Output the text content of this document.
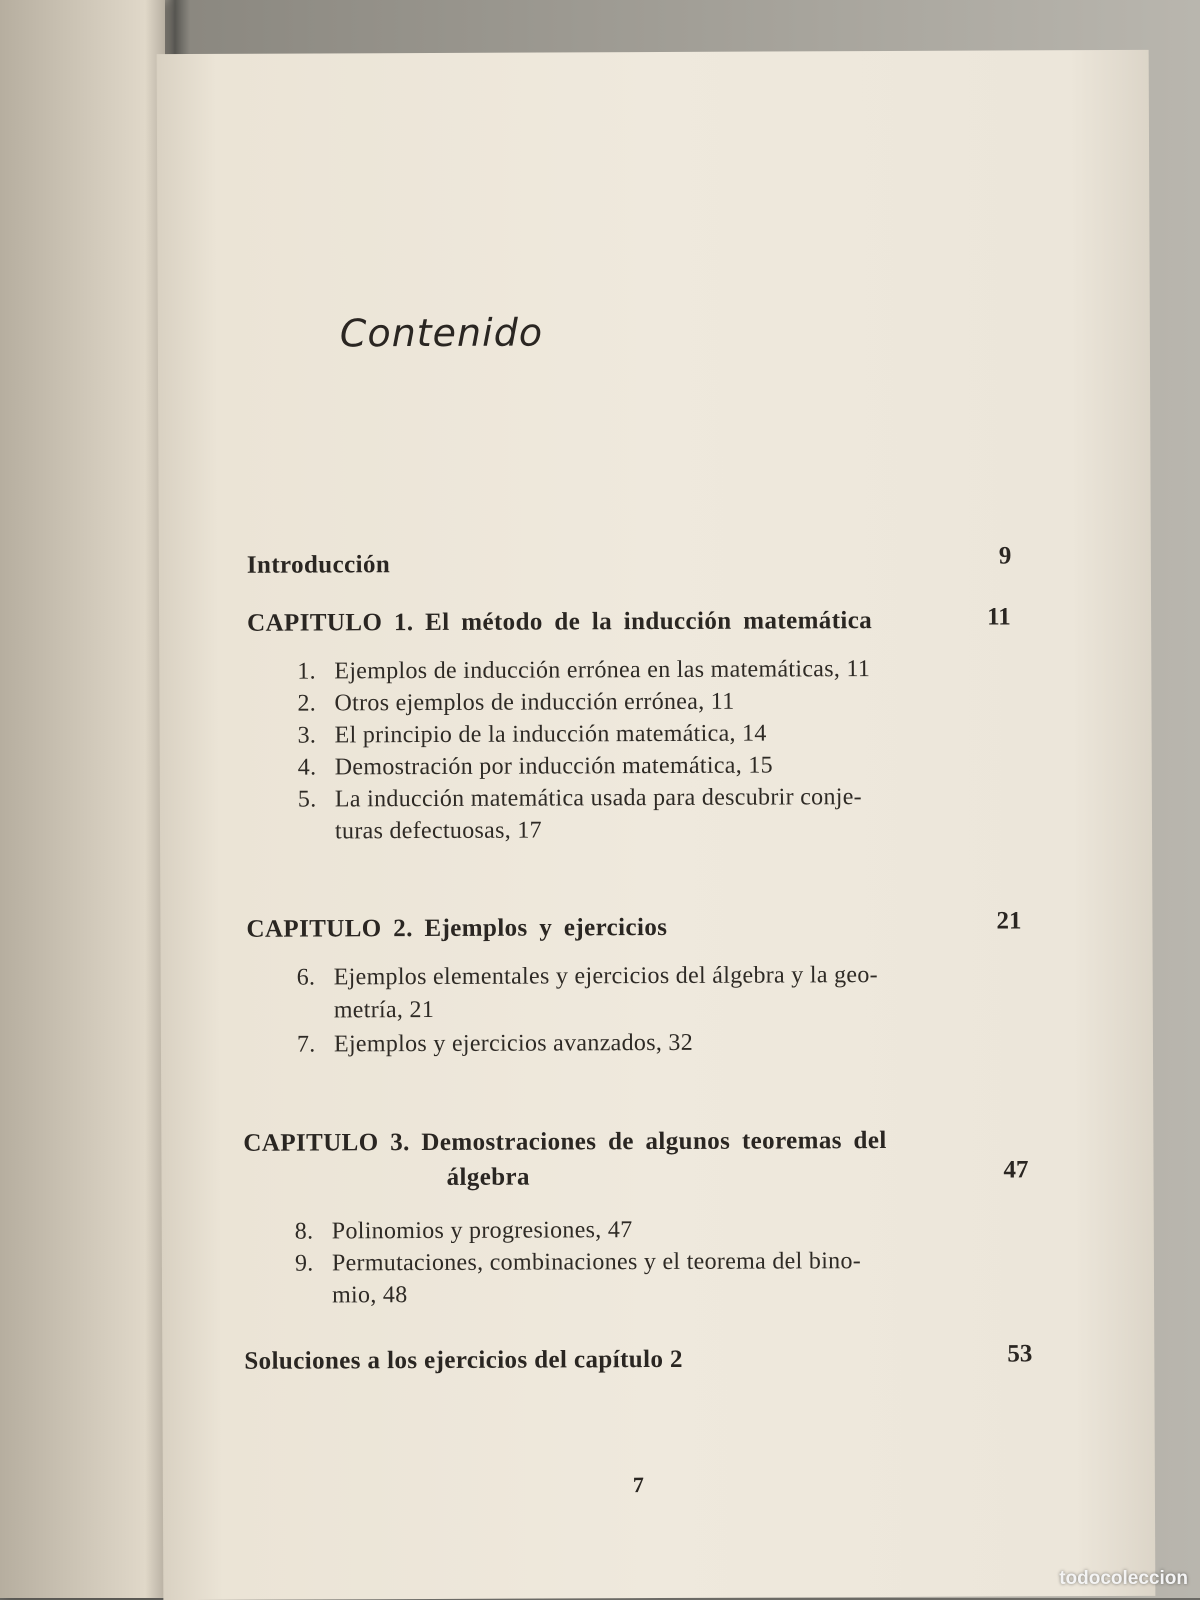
Contenido
Introducción	9
CAPITULO 1. El método de la inducción matemática	11
1. Ejemplos de inducción errónea en las matemáticas, 11
2. Otros ejemplos de inducción errónea, 11
3. El principio de la inducción matemática, 14
4. Demostración por inducción matemática, 15
5. La inducción matemática usada para descubrir conje-
turas defectuosas, 17
CAPITULO 2. Ejemplos y ejercicios	21
6. Ejemplos elementales y ejercicios del álgebra y la geo-
metría, 21
7. Ejemplos y ejercicios avanzados, 32
CAPITULO 3. Demostraciones de algunos teoremas del
álgebra	47
8. Polinomios y progresiones, 47
9. Permutaciones, combinaciones y el teorema del bino-
mio, 48
Soluciones a los ejercicios del capítulo 2	53
7
todocoleccion
